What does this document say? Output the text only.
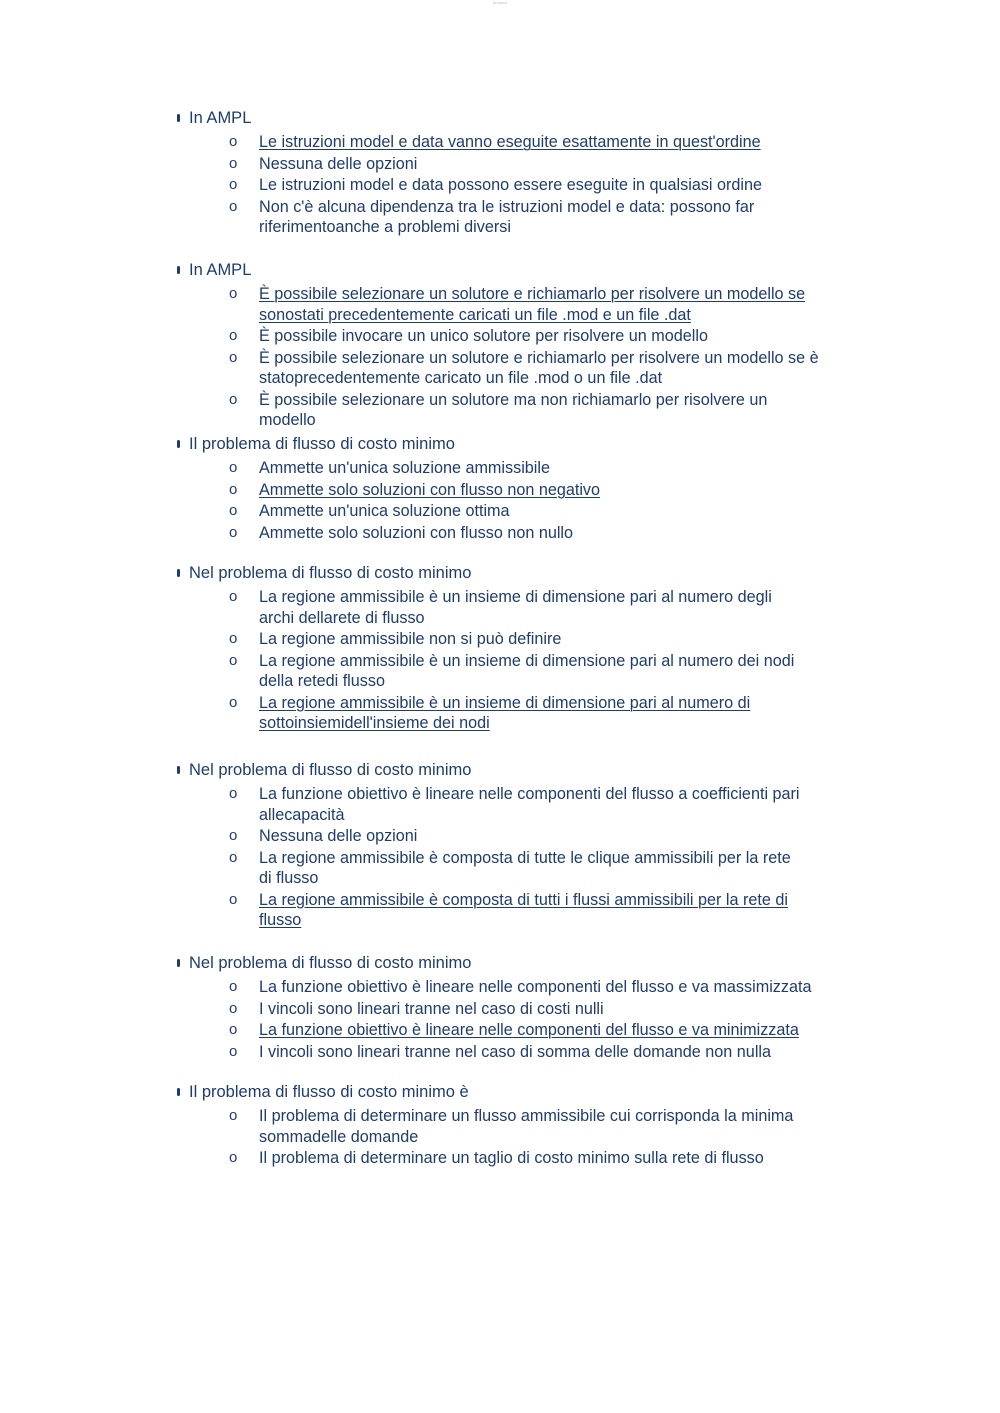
Annunci
In AMPL
o Le istruzioni model e data vanno eseguite esattamente in quest'ordine
o Nessuna delle opzioni
o Le istruzioni model e data possono essere eseguite in qualsiasi ordine
o Non c'è alcuna dipendenza tra le istruzioni model e data: possono far riferimentoanche a problemi diversi
In AMPL
o È possibile selezionare un solutore e richiamarlo per risolvere un modello se sonostati precedentemente caricati un file .mod e un file .dat
o È possibile invocare un unico solutore per risolvere un modello
o È possibile selezionare un solutore e richiamarlo per risolvere un modello se è statoprecedentemente caricato un file .mod o un file .dat
o È possibile selezionare un solutore ma non richiamarlo per risolvere un modello
Il problema di flusso di costo minimo
o Ammette un'unica soluzione ammissibile
o Ammette solo soluzioni con flusso non negativo
o Ammette un'unica soluzione ottima
o Ammette solo soluzioni con flusso non nullo
Nel problema di flusso di costo minimo
o La regione ammissibile è un insieme di dimensione pari al numero degli archi dellarete di flusso
o La regione ammissibile non si può definire
o La regione ammissibile è un insieme di dimensione pari al numero dei nodi della retedi flusso
o La regione ammissibile è un insieme di dimensione pari al numero di sottoinsiemidell'insieme dei nodi
Nel problema di flusso di costo minimo
o La funzione obiettivo è lineare nelle componenti del flusso a coefficienti pari allecapacità
o Nessuna delle opzioni
o La regione ammissibile è composta di tutte le clique ammissibili per la rete di flusso
o La regione ammissibile è composta di tutti i flussi ammissibili per la rete di flusso
Nel problema di flusso di costo minimo
o La funzione obiettivo è lineare nelle componenti del flusso e va massimizzata
o I vincoli sono lineari tranne nel caso di costi nulli
o La funzione obiettivo è lineare nelle componenti del flusso e va minimizzata
o I vincoli sono lineari tranne nel caso di somma delle domande non nulla
Il problema di flusso di costo minimo è
o Il problema di determinare un flusso ammissibile cui corrisponda la minima sommadelle domande
o Il problema di determinare un taglio di costo minimo sulla rete di flusso
